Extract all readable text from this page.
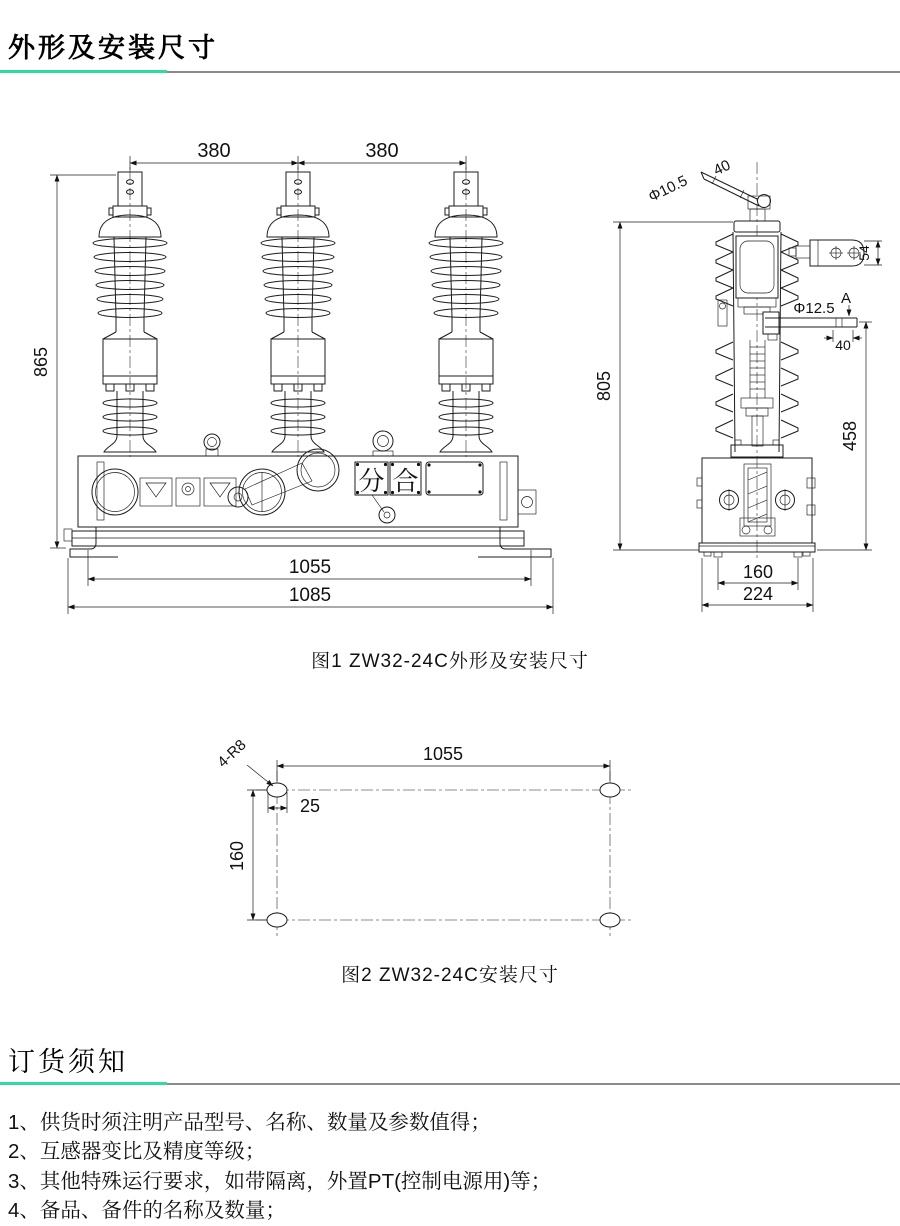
外形及安装尺寸
分 合
380	380
865
1055
1085
Φ10.5
40
805
54
Φ12.5
A
40
458
160
224
图1 ZW32-24C外形及安装尺寸
4-R8	1055
25
160
图2 ZW32-24C安装尺寸
订货须知
1、供货时须注明产品型号、名称、数量及参数值得；
2、互感器变比及精度等级；
3、其他特殊运行要求，如带隔离，外置PT(控制电源用)等；
4、备品、备件的名称及数量；
